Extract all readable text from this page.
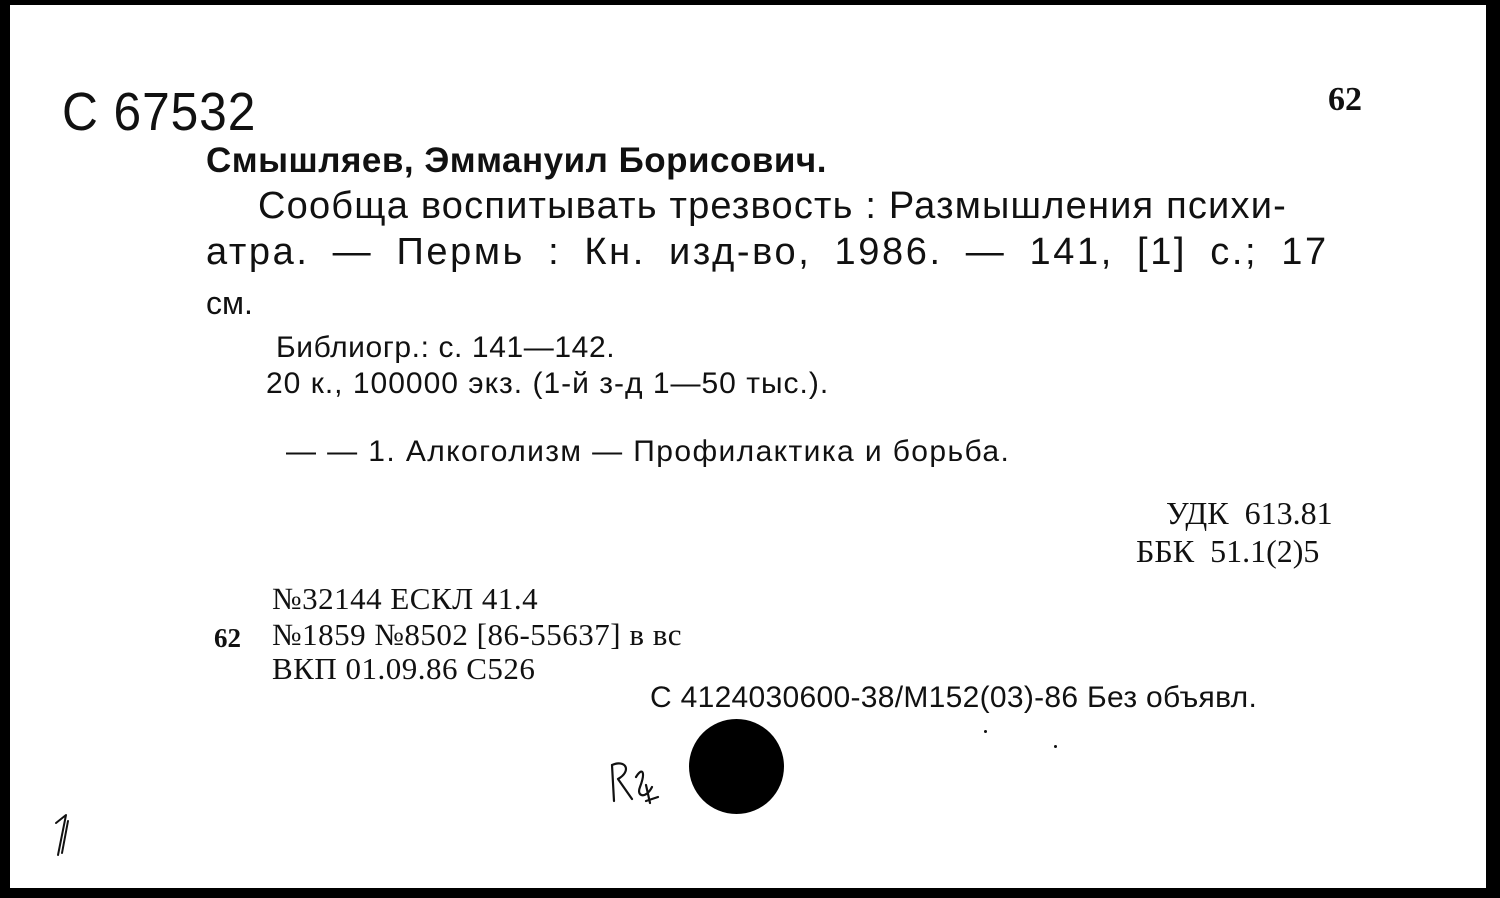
С 67532	62
Смышляев, Эммануил Борисович.
Сообща воспитывать трезвость : Размышления психи-
атра. — Пермь : Кн. изд-во, 1986. — 141, [1] с.; 17
см.
Библиогр.: с. 141—142.
20 к., 100000 экз. (1-й з-д 1—50 тыс.).
— — 1. Алкоголизм — Профилактика и борьба.
УДК  613.81
ББК  51.1(2)5
62
№32144 ЕСКЛ 41.4
№1859 №8502 [86-55637] в вс
ВКП 01.09.86 С526
С 4124030600-38/М152(03)-86 Без объявл.
